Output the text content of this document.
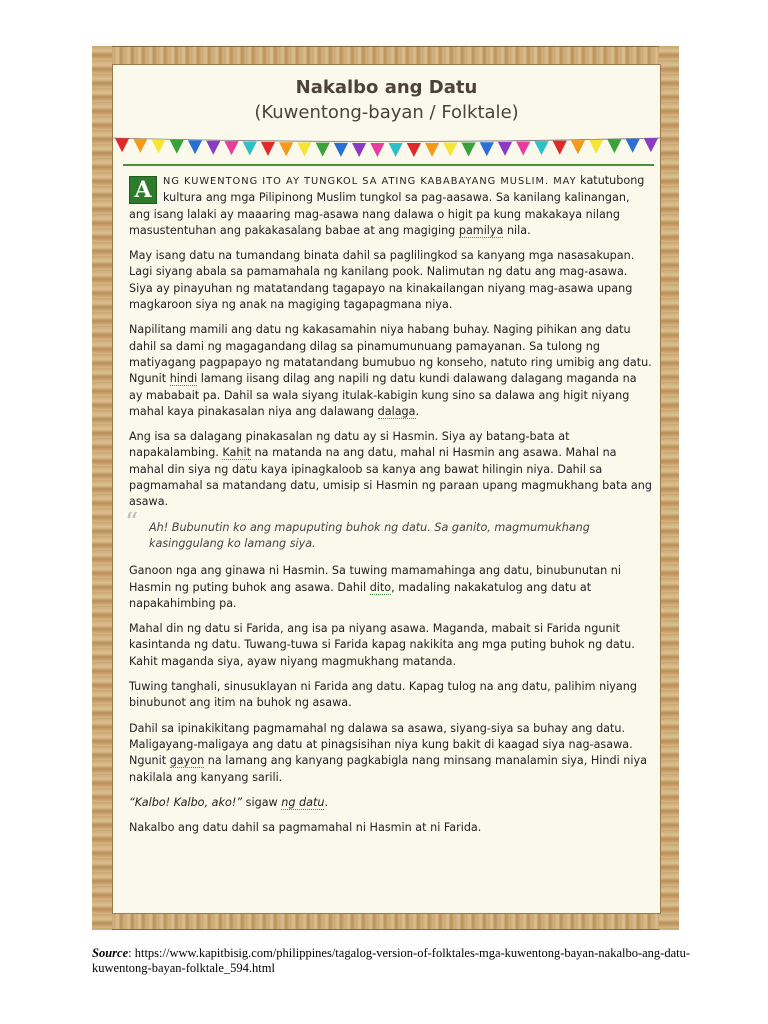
Nakalbo ang Datu
(Kuwentong-bayan / Folktale)

A	NG KUWENTONG ITO AY TUNGKOL SA ATING KABABAYANG MUSLIM. MAY katutubong kultura ang mga Pilipinong Muslim tungkol sa pag-aasawa. Sa kanilang kalinangan, ang isang lalaki ay maaaring mag-asawa nang dalawa o higit pa kung makakaya nilang masustentuhan ang pakakasalang babae at ang magiging pamilya nila.

May isang datu na tumandang binata dahil sa paglilingkod sa kanyang mga nasasakupan. Lagi siyang abala sa pamamahala ng kanilang pook. Nalimutan ng datu ang mag-asawa. Siya ay pinayuhan ng matatandang tagapayo na kinakailangan niyang mag-asawa upang magkaroon siya ng anak na magiging tagapagmana niya.

Napilitang mamili ang datu ng kakasamahin niya habang buhay. Naging pihikan ang datu dahil sa dami ng magagandang dilag sa pinamumunuang pamayanan. Sa tulong ng matiyagang pagpapayo ng matatandang bumubuo ng konseho, natuto ring umibig ang datu. Ngunit hindi lamang iisang dilag ang napili ng datu kundi dalawang dalagang maganda na ay mababait pa. Dahil sa wala siyang itulak-kabigin kung sino sa dalawa ang higit niyang mahal kaya pinakasalan niya ang dalawang dalaga.

Ang isa sa dalagang pinakasalan ng datu ay si Hasmin. Siya ay batang-bata at napakalambing. Kahit na matanda na ang datu, mahal ni Hasmin ang asawa. Mahal na mahal din siya ng datu kaya ipinagkaloob sa kanya ang bawat hilingin niya. Dahil sa pagmamahal sa matandang datu, umisip si Hasmin ng paraan upang magmukhang bata ang asawa.

“ Ah! Bubunutin ko ang mapuputing buhok ng datu. Sa ganito, magmumukhang kasinggulang ko lamang siya.

Ganoon nga ang ginawa ni Hasmin. Sa tuwing mamamahinga ang datu, binubunutan ni Hasmin ng puting buhok ang asawa. Dahil dito, madaling nakakatulog ang datu at napakahimbing pa.

Mahal din ng datu si Farida, ang isa pa niyang asawa. Maganda, mabait si Farida ngunit kasintanda ng datu. Tuwang-tuwa si Farida kapag nakikita ang mga puting buhok ng datu. Kahit maganda siya, ayaw niyang magmukhang matanda.

Tuwing tanghali, sinusuklayan ni Farida ang datu. Kapag tulog na ang datu, palihim niyang binubunot ang itim na buhok ng asawa.

Dahil sa ipinakikitang pagmamahal ng dalawa sa asawa, siyang-siya sa buhay ang datu. Maligayang-maligaya ang datu at pinagsisihan niya kung bakit di kaagad siya nag-asawa. Ngunit gayon na lamang ang kanyang pagkabigla nang minsang manalamin siya, Hindi niya nakilala ang kanyang sarili.

“Kalbo! Kalbo, ako!” sigaw ng datu.

Nakalbo ang datu dahil sa pagmamahal ni Hasmin at ni Farida.

Source: https://www.kapitbisig.com/philippines/tagalog-version-of-folktales-mga-kuwentong-bayan-nakalbo-ang-datu-kuwentong-bayan-folktale_594.html
